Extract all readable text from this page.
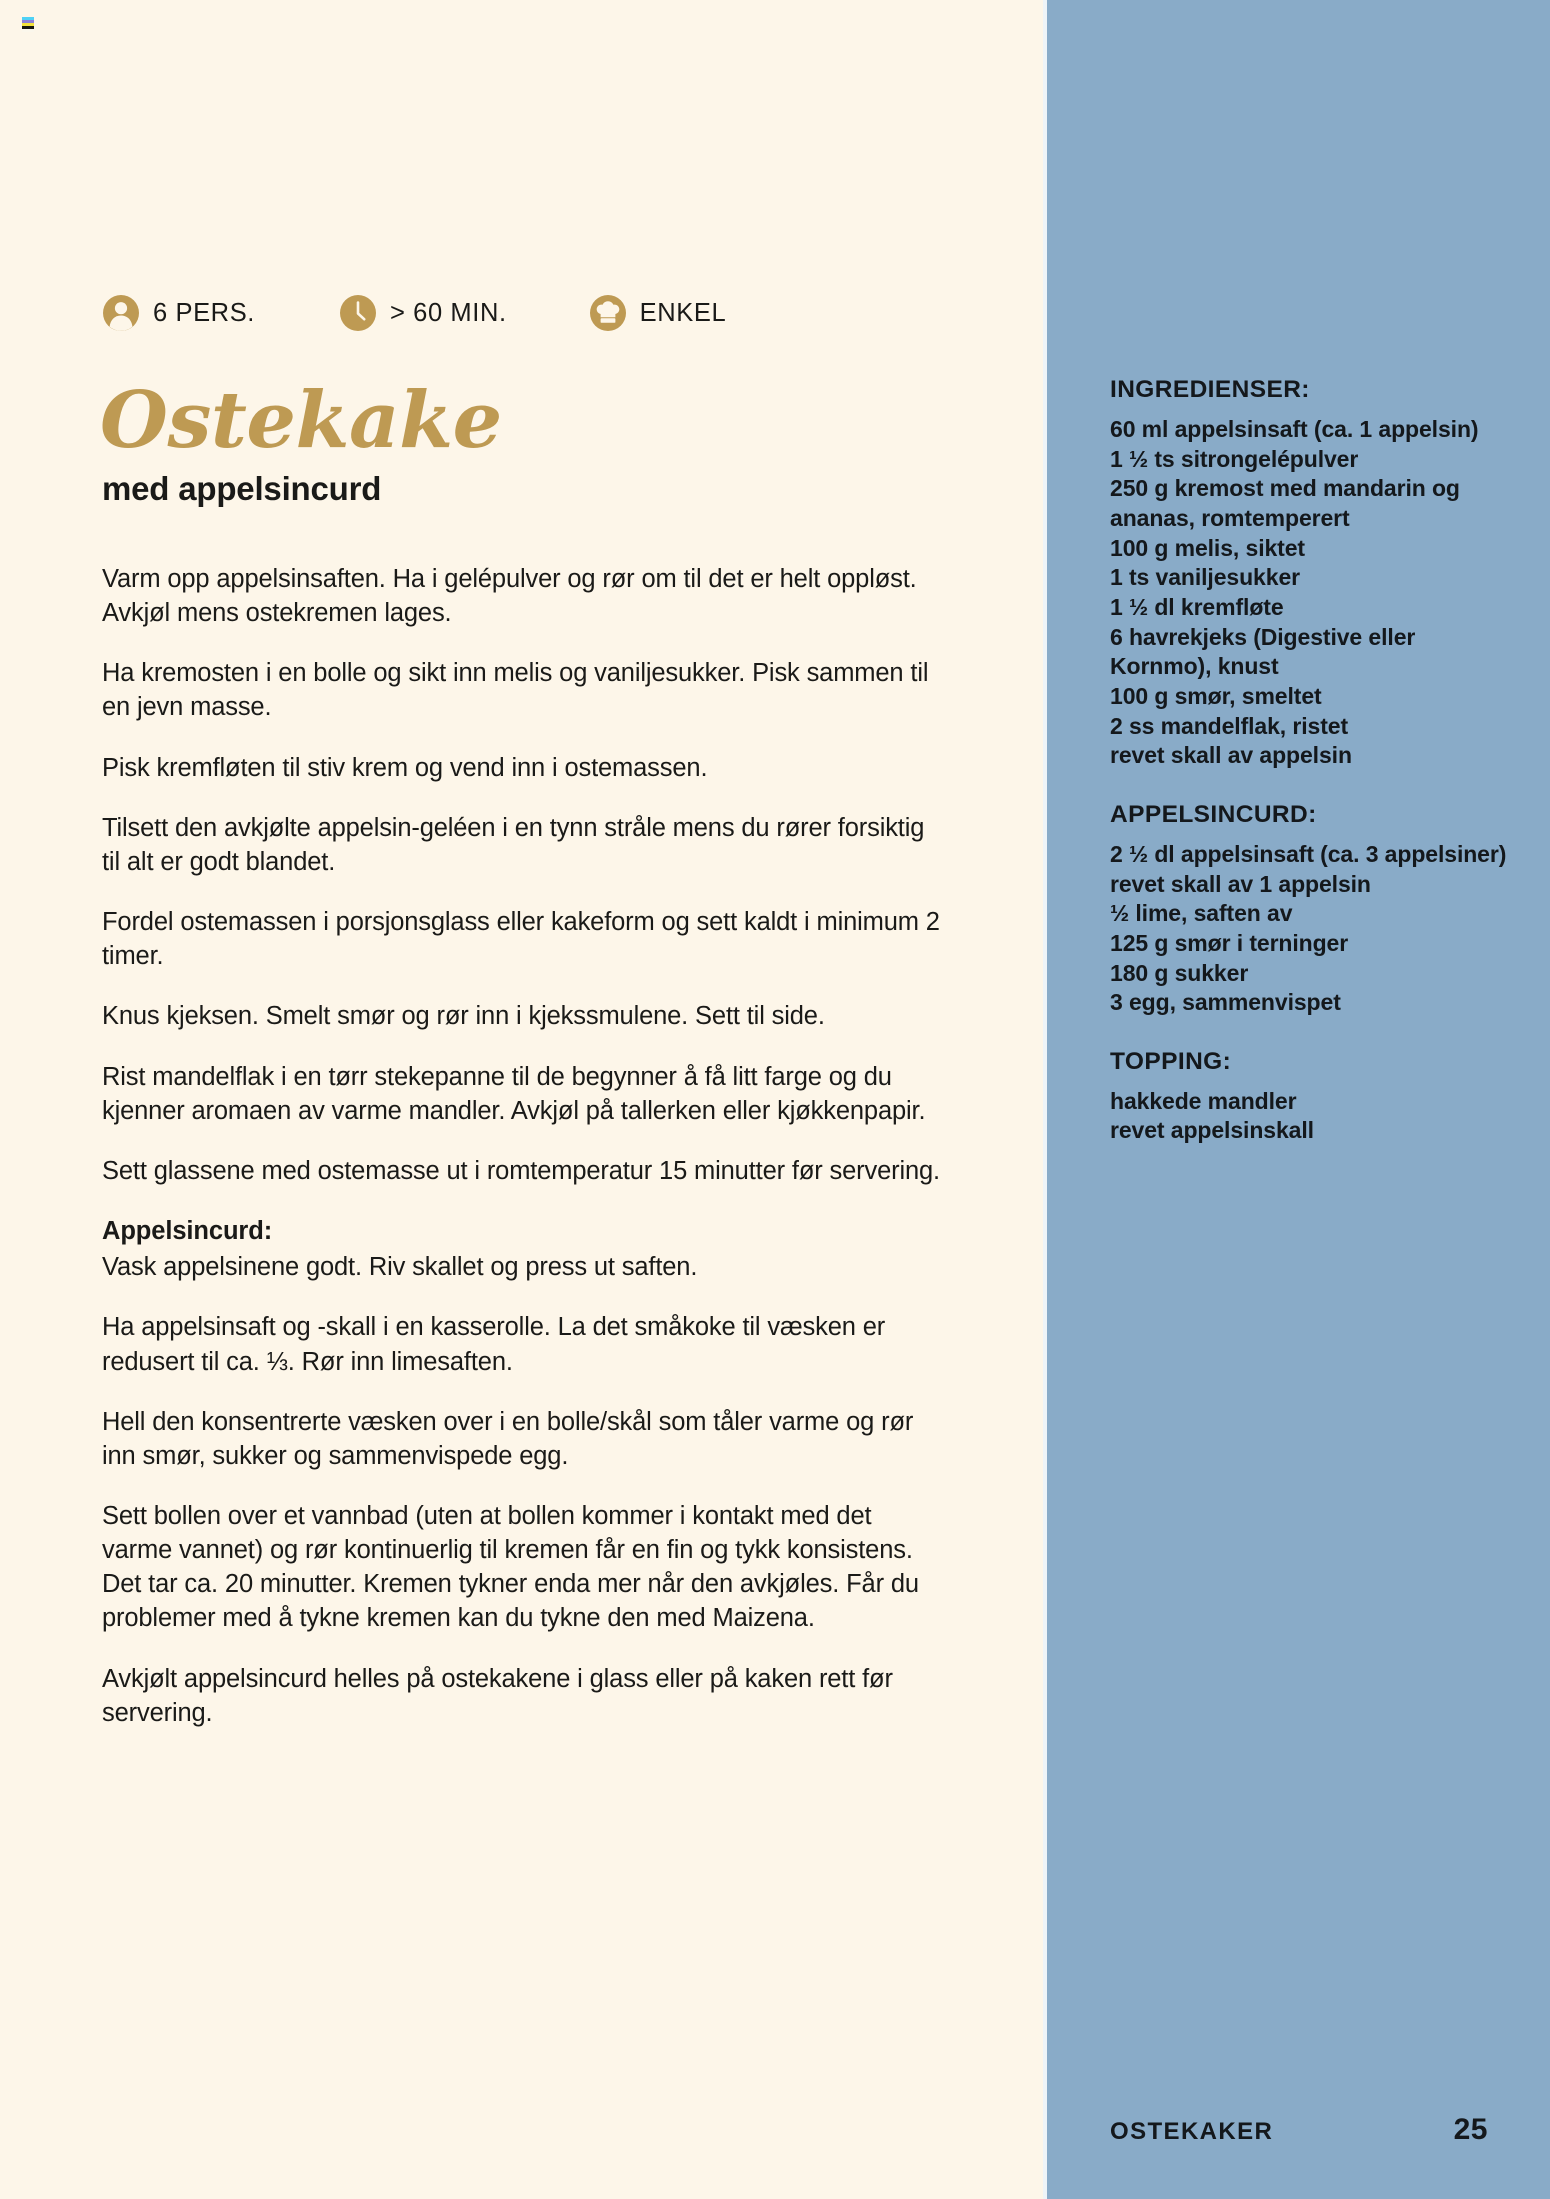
6 PERS.	> 60 MIN.	ENKEL
Ostekake
med appelsincurd

Varm opp appelsinsaften. Ha i gelépulver og rør om til det er helt oppløst. Avkjøl mens ostekremen lages.

Ha kremosten i en bolle og sikt inn melis og vaniljesukker. Pisk sammen til en jevn masse.

Pisk kremfløten til stiv krem og vend inn i ostemassen.

Tilsett den avkjølte appelsin-geléen i en tynn stråle mens du rører forsiktig til alt er godt blandet.

Fordel ostemassen i porsjonsglass eller kakeform og sett kaldt i minimum 2 timer.

Knus kjeksen. Smelt smør og rør inn i kjekssmulene. Sett til side.

Rist mandelflak i en tørr stekepanne til de begynner å få litt farge og du kjenner aromaen av varme mandler. Avkjøl på tallerken eller kjøkkenpapir.

Sett glassene med ostemasse ut i romtemperatur 15 minutter før servering.

Appelsincurd:

Vask appelsinene godt. Riv skallet og press ut saften.

Ha appelsinsaft og -skall i en kasserolle. La det småkoke til væsken er redusert til ca. ⅓. Rør inn limesaften.

Hell den konsentrerte væsken over i en bolle/skål som tåler varme og rør inn smør, sukker og sammenvispede egg.

Sett bollen over et vannbad (uten at bollen kommer i kontakt med det varme vannet) og rør kontinuerlig til kremen får en fin og tykk konsistens. Det tar ca. 20 minutter. Kremen tykner enda mer når den avkjøles. Får du problemer med å tykne kremen kan du tykne den med Maizena.

Avkjølt appelsincurd helles på ostekakene i glass eller på kaken rett før servering.

INGREDIENSER:
60 ml appelsinsaft (ca. 1 appelsin)
1 ½ ts sitrongelépulver
250 g kremost med mandarin og ananas, romtemperert
100 g melis, siktet
1 ts vaniljesukker
1 ½ dl kremfløte
6 havrekjeks (Digestive eller Kornmo), knust
100 g smør, smeltet
2 ss mandelflak, ristet
revet skall av appelsin
APPELSINCURD:
2 ½ dl appelsinsaft (ca. 3 appelsiner)
revet skall av 1 appelsin
½ lime, saften av
125 g smør i terninger
180 g sukker
3 egg, sammenvispet
TOPPING:
hakkede mandler
revet appelsinskall
OSTEKAKER	25
